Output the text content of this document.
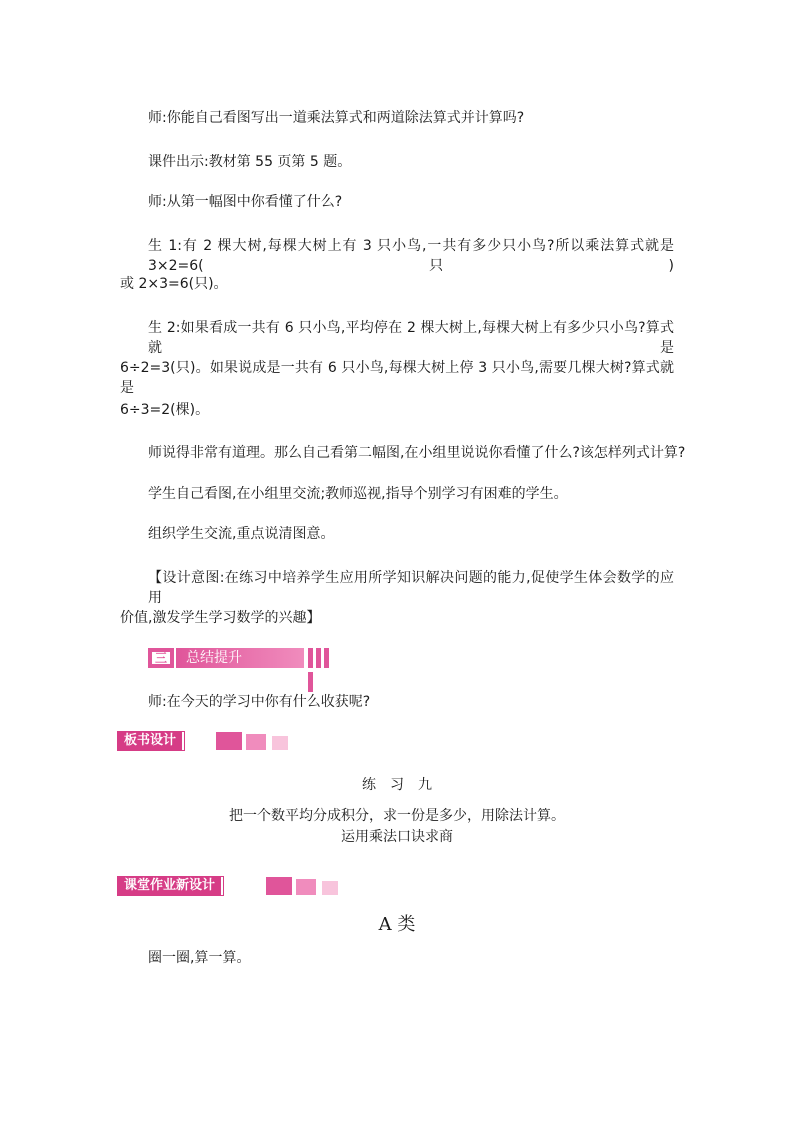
师:你能自己看图写出一道乘法算式和两道除法算式并计算吗?
课件出示:教材第 55 页第 5 题。
师:从第一幅图中你看懂了什么?
生 1:有 2 棵大树,每棵大树上有 3 只小鸟,一共有多少只小鸟?所以乘法算式就是 3×2=6(只)
或 2×3=6(只)。
生 2:如果看成一共有 6 只小鸟,平均停在 2 棵大树上,每棵大树上有多少只小鸟?算式就是
6÷2=3(只)。如果说成是一共有 6 只小鸟,每棵大树上停 3 只小鸟,需要几棵大树?算式就是
6÷3=2(棵)。
师说得非常有道理。那么自己看第二幅图,在小组里说说你看懂了什么?该怎样列式计算?
学生自己看图,在小组里交流;教师巡视,指导个别学习有困难的学生。
组织学生交流,重点说清图意。
【设计意图:在练习中培养学生应用所学知识解决问题的能力,促使学生体会数学的应用
价值,激发学生学习数学的兴趣】
三	总结提升
师:在今天的学习中你有什么收获呢?
板书设计
练　习　九
把一个数平均分成积分，求一份是多少，用除法计算。
运用乘法口诀求商
课堂作业新设计
A 类
圈一圈,算一算。
